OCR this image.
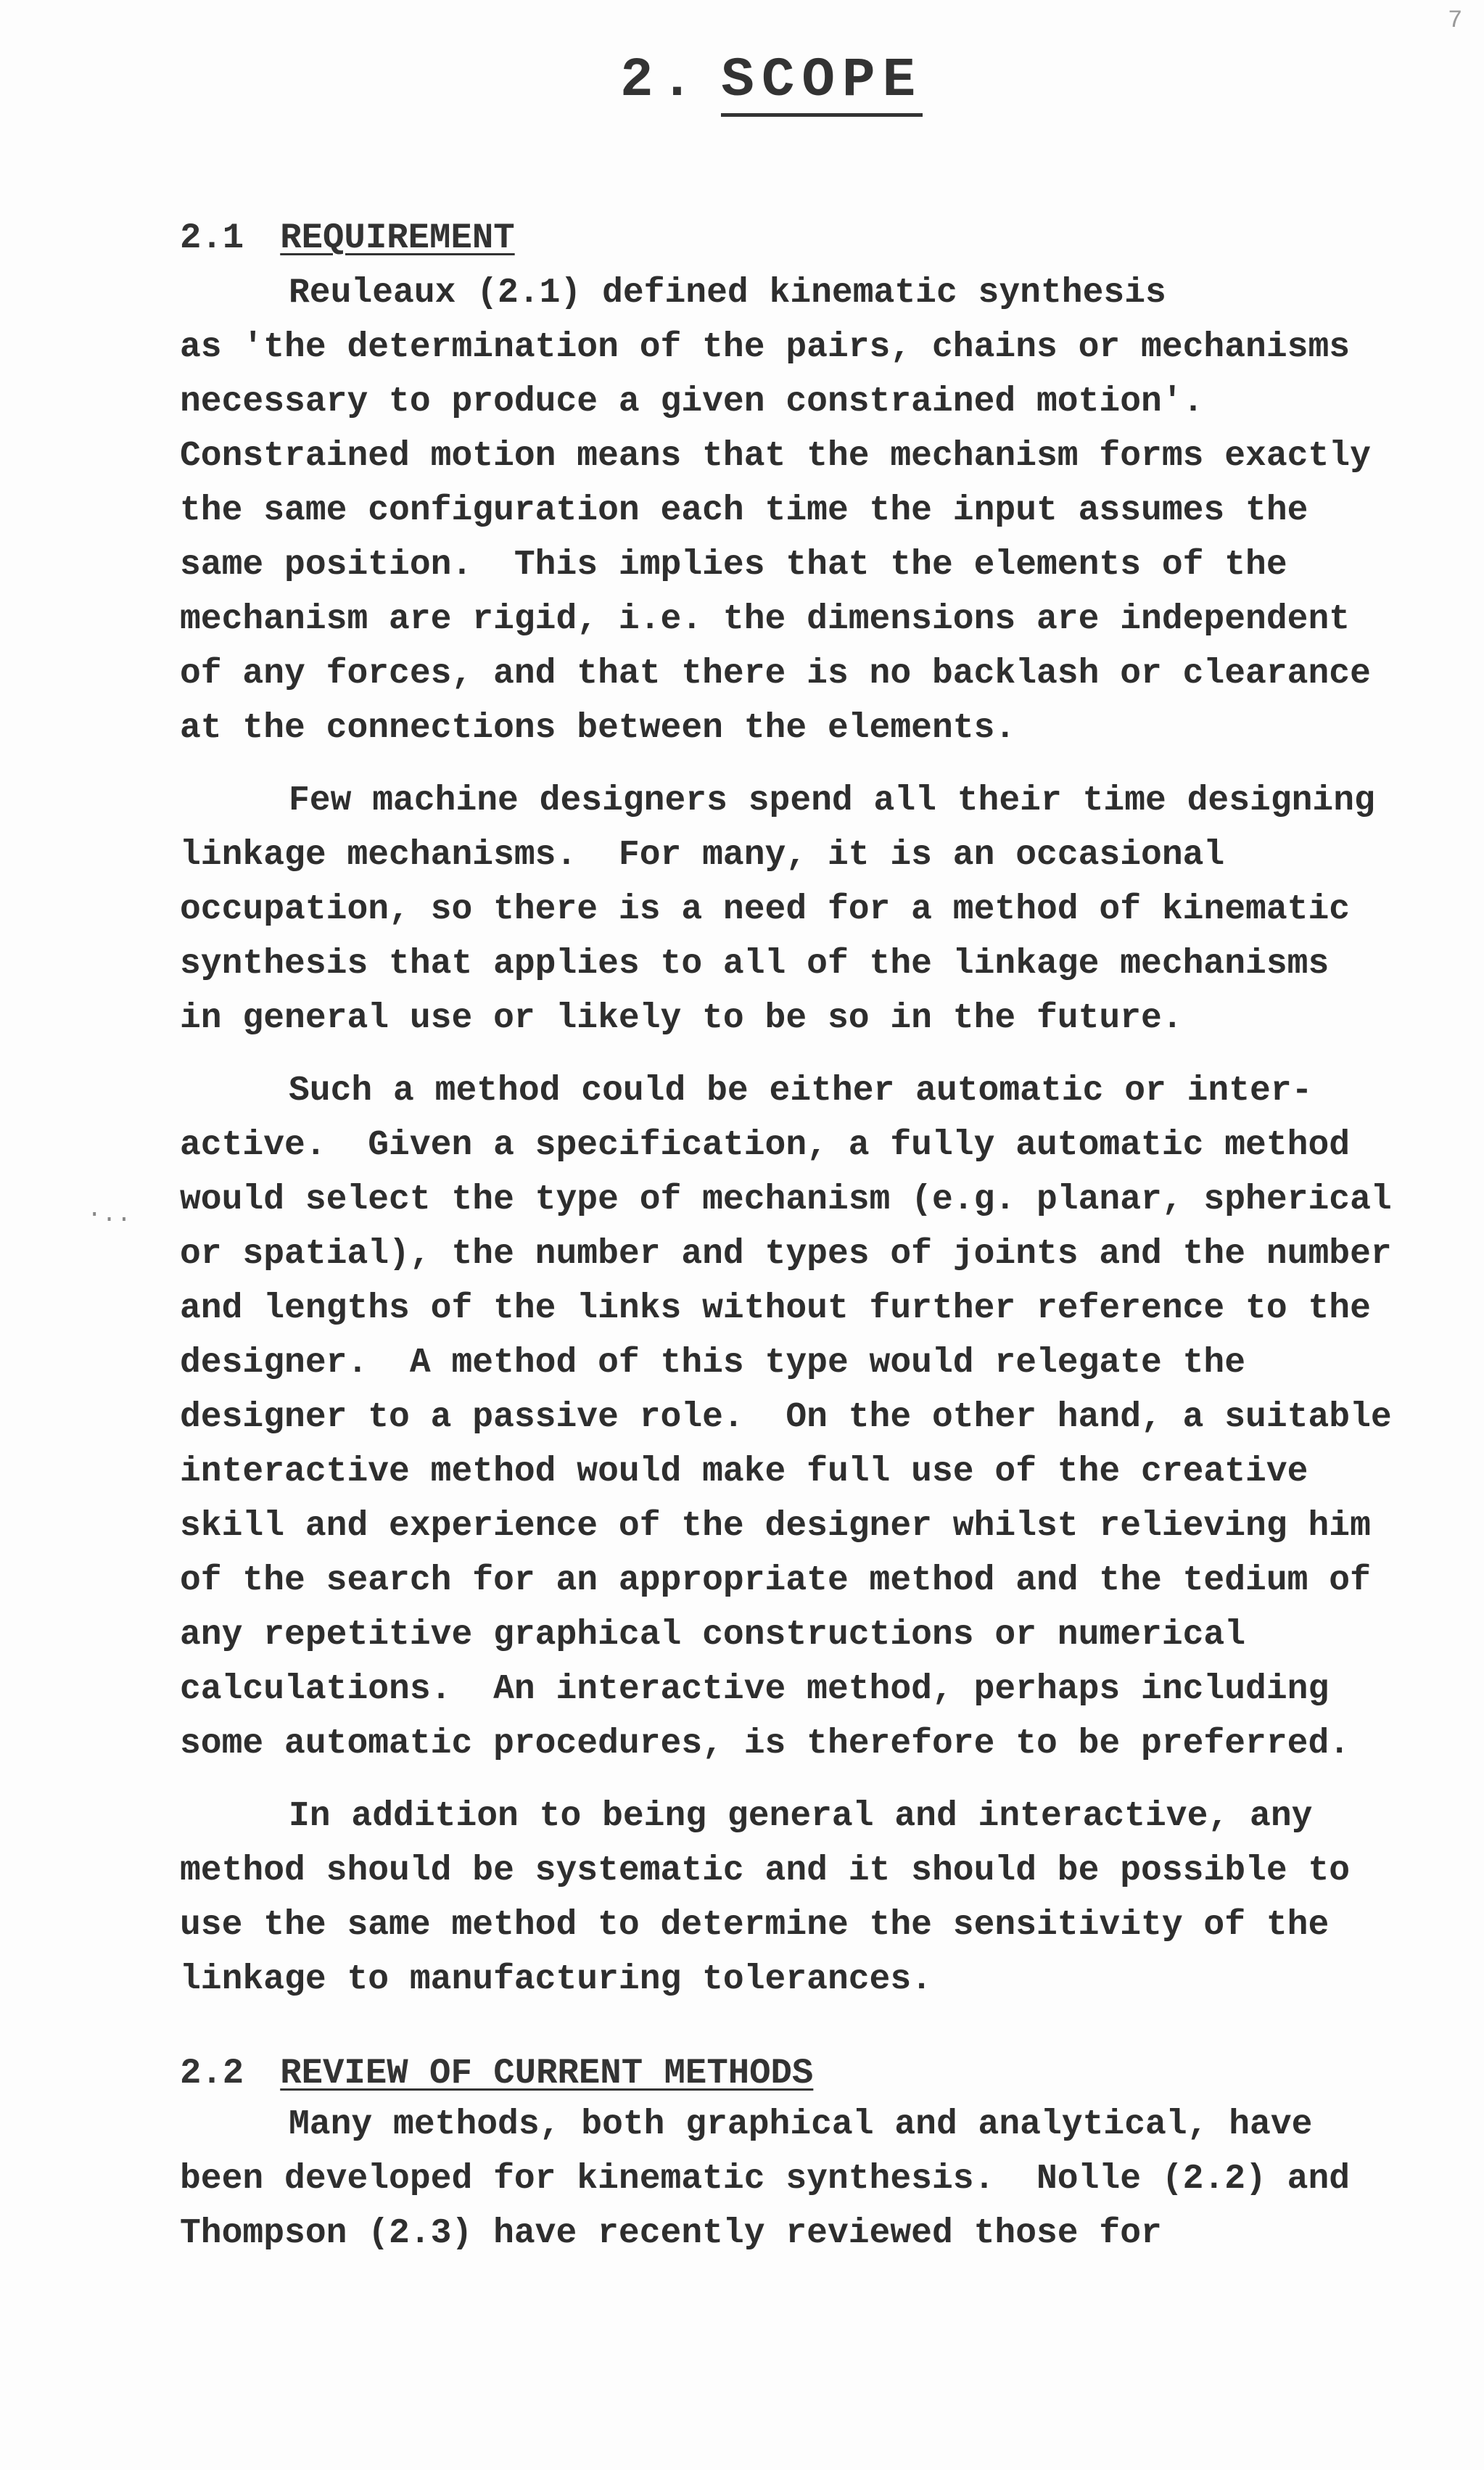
7
2. SCOPE
2.1 REQUIREMENT
Reuleaux (2.1) defined kinematic synthesis
as 'the determination of the pairs, chains or mechanisms
necessary to produce a given constrained motion'.
Constrained motion means that the mechanism forms exactly
the same configuration each time the input assumes the
same position.  This implies that the elements of the
mechanism are rigid, i.e. the dimensions are independent
of any forces, and that there is no backlash or clearance
at the connections between the elements.
Few machine designers spend all their time designing
linkage mechanisms.  For many, it is an occasional
occupation, so there is a need for a method of kinematic
synthesis that applies to all of the linkage mechanisms
in general use or likely to be so in the future.
Such a method could be either automatic or inter-
active.  Given a specification, a fully automatic method
·.. would select the type of mechanism (e.g. planar, spherical
or spatial), the number and types of joints and the number
and lengths of the links without further reference to the
designer.  A method of this type would relegate the
designer to a passive role.  On the other hand, a suitable
interactive method would make full use of the creative
skill and experience of the designer whilst relieving him
of the search for an appropriate method and the tedium of
any repetitive graphical constructions or numerical
calculations.  An interactive method, perhaps including
some automatic procedures, is therefore to be preferred.
In addition to being general and interactive, any
method should be systematic and it should be possible to
use the same method to determine the sensitivity of the
linkage to manufacturing tolerances.
2.2 REVIEW OF CURRENT METHODS
Many methods, both graphical and analytical, have
been developed for kinematic synthesis.  Nolle (2.2) and
Thompson (2.3) have recently reviewed those for
